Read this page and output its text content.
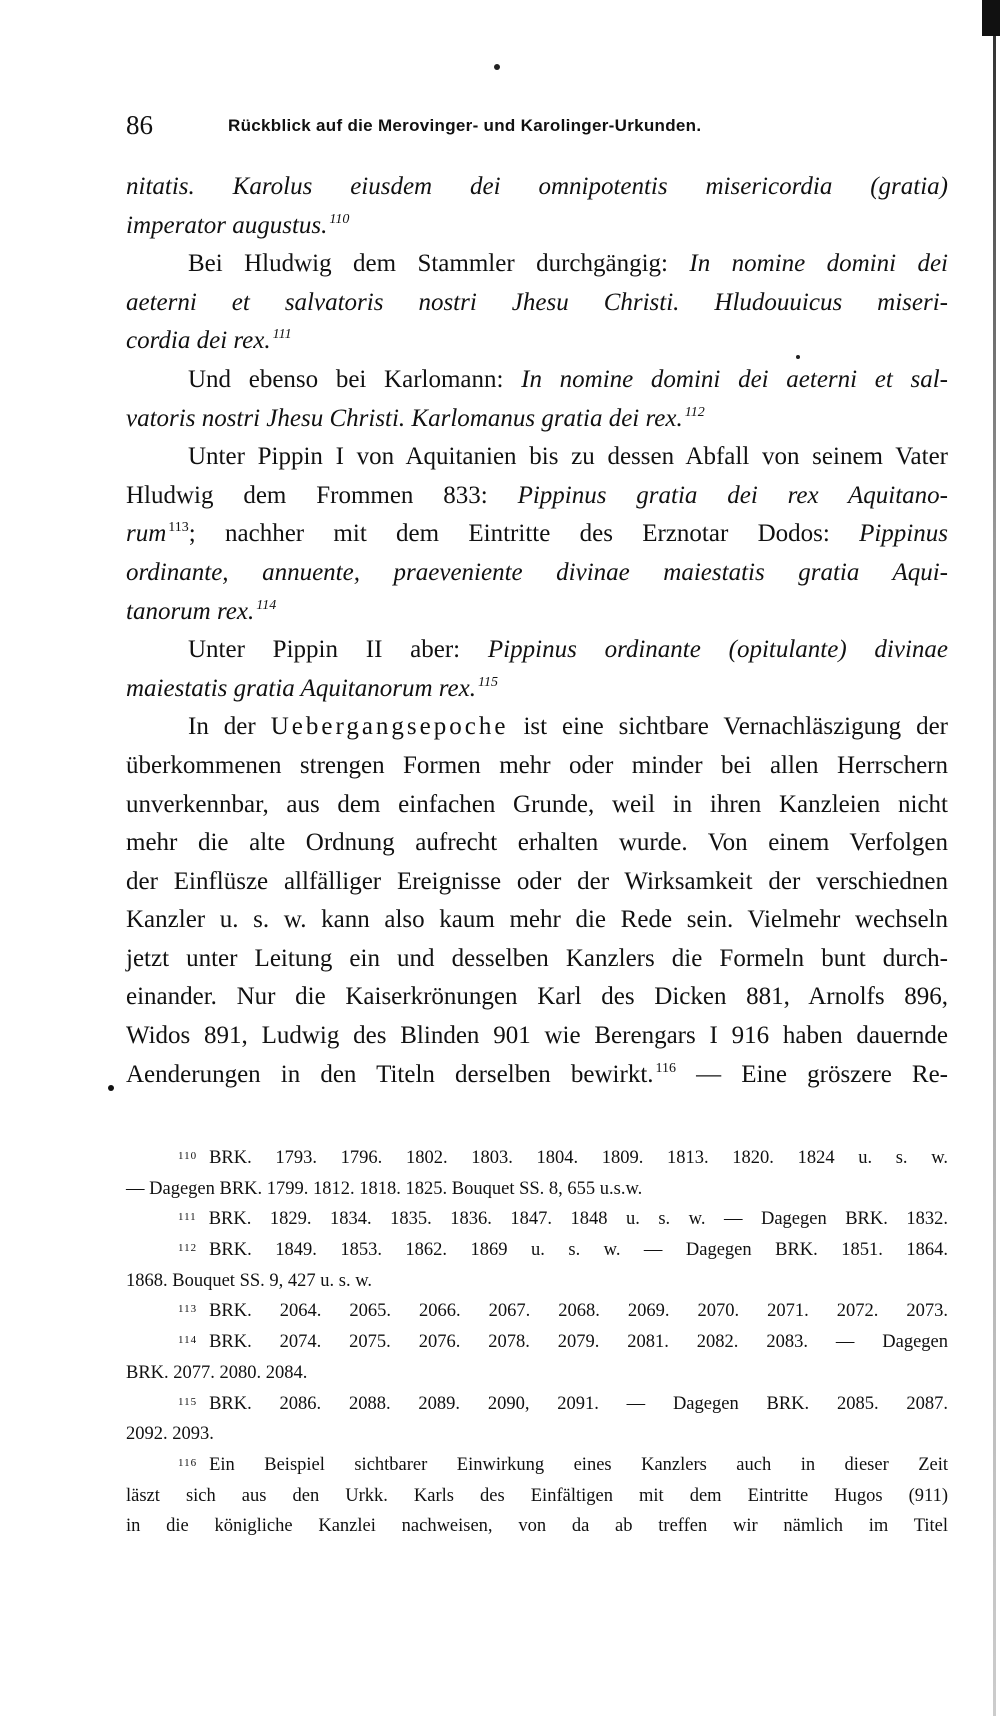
86	Rückblick auf die Merovinger- und Karolinger-Urkunden.
nitatis. Karolus eiusdem dei omnipotentis misericordia (gratia)
imperator augustus. $^{110}$
Bei Hludwig dem Stammler durchgängig: In nomine domini dei
aeterni et salvatoris nostri Jhesu Christi. Hludouuicus miseri-
cordia dei rex. $^{111}$
Und ebenso bei Karlomann: In nomine domini dei aeterni et sal-
vatoris nostri Jhesu Christi. Karlomanus gratia dei rex. $^{112}$
Unter Pippin I von Aquitanien bis zu dessen Abfall von seinem Vater
Hludwig dem Frommen 833: Pippinus gratia dei rex Aquitano-
rum $^{113}$; nachher mit dem Eintritte des Erznotar Dodos: Pippinus
ordinante, annuente, praeveniente divinae maiestatis gratia Aqui-
tanorum rex. $^{114}$
Unter Pippin II aber: Pippinus ordinante (opitulante) divinae
maiestatis gratia Aquitanorum rex. $^{115}$
In der Uebergangsepoche ist eine sichtbare Vernachläszigung der
überkommenen strengen Formen mehr oder minder bei allen Herrschern
unverkennbar, aus dem einfachen Grunde, weil in ihren Kanzleien nicht
mehr die alte Ordnung aufrecht erhalten wurde. Von einem Verfolgen
der Einflüsze allfälliger Ereignisse oder der Wirksamkeit der verschiednen
Kanzler u. s. w. kann also kaum mehr die Rede sein. Vielmehr wechseln
jetzt unter Leitung ein und desselben Kanzlers die Formeln bunt durch-
einander. Nur die Kaiserkrönungen Karl des Dicken 881, Arnolfs 896,
Widos 891, Ludwig des Blinden 901 wie Berengars I 916 haben dauernde
Aenderungen in den Titeln derselben bewirkt. $^{116}$ — Eine gröszere Re-
$^{110}$ BRK. 1793. 1796. 1802. 1803. 1804. 1809. 1813. 1820. 1824 u. s. w.
— Dagegen BRK. 1799. 1812. 1818. 1825. Bouquet SS. 8, 655 u.s.w.
$^{111}$ BRK. 1829. 1834. 1835. 1836. 1847. 1848 u. s. w. — Dagegen BRK. 1832.
$^{112}$ BRK. 1849. 1853. 1862. 1869 u. s. w. — Dagegen BRK. 1851. 1864.
1868. Bouquet SS. 9, 427 u. s. w.
$^{113}$ BRK. 2064. 2065. 2066. 2067. 2068. 2069. 2070. 2071. 2072. 2073.
$^{114}$ BRK. 2074. 2075. 2076. 2078. 2079. 2081. 2082. 2083. — Dagegen
BRK. 2077. 2080. 2084.
$^{115}$ BRK. 2086. 2088. 2089. 2090, 2091. — Dagegen BRK. 2085. 2087.
2092. 2093.
$^{116}$ Ein Beispiel sichtbarer Einwirkung eines Kanzlers auch in dieser Zeit
läszt sich aus den Urkk. Karls des Einfältigen mit dem Eintritte Hugos (911)
in die königliche Kanzlei nachweisen, von da ab treffen wir nämlich im Titel
